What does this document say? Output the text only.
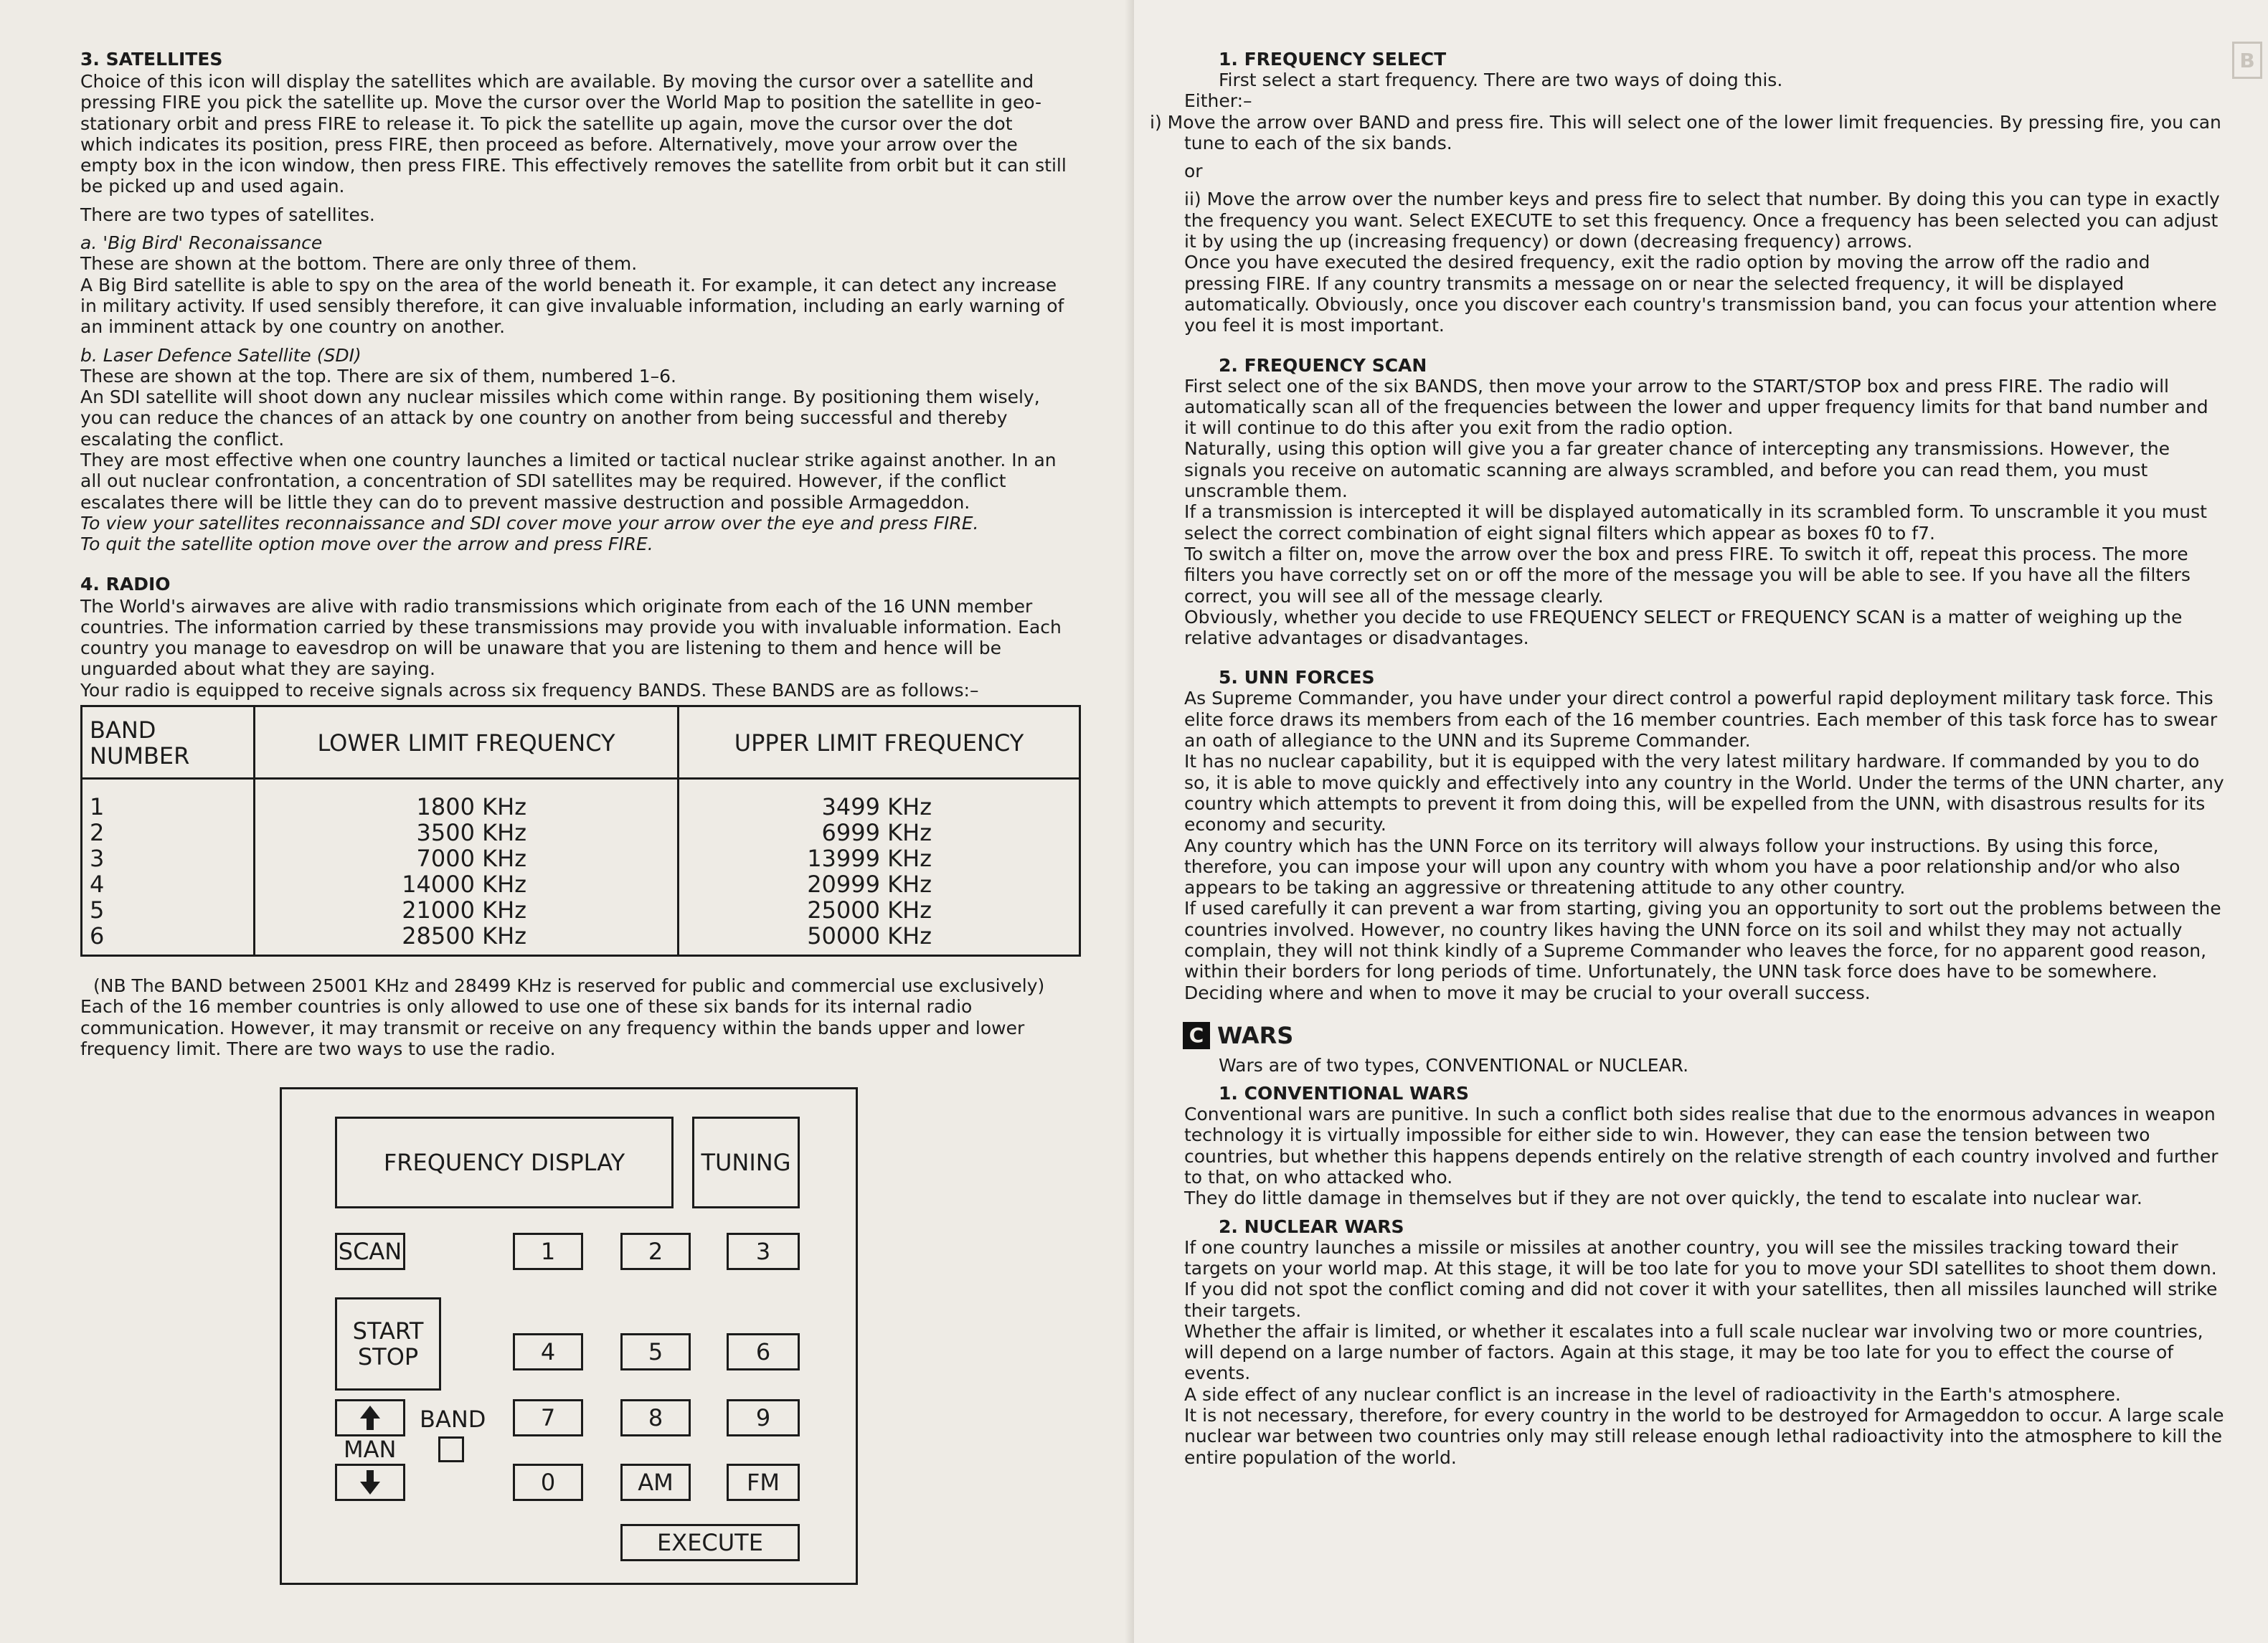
3. SATELLITES

Choice of this icon will display the satellites which are available. By moving the cursor over a satellite and pressing FIRE you pick the satellite up. Move the cursor over the World Map to position the satellite in geo-stationary orbit and press FIRE to release it. To pick the satellite up again, move the cursor over the dot which indicates its position, press FIRE, then proceed as before. Alternatively, move your arrow over the empty box in the icon window, then press FIRE. This effectively removes the satellite from orbit but it can still be picked up and used again.

There are two types of satellites.

a. 'Big Bird' Reconaissance

These are shown at the bottom. There are only three of them.

A Big Bird satellite is able to spy on the area of the world beneath it. For example, it can detect any increase in military activity. If used sensibly therefore, it can give invaluable information, including an early warning of an imminent attack by one country on another.

b. Laser Defence Satellite (SDI)

These are shown at the top. There are six of them, numbered 1–6.

An SDI satellite will shoot down any nuclear missiles which come within range. By positioning them wisely, you can reduce the chances of an attack by one country on another from being successful and thereby escalating the conflict.

They are most effective when one country launches a limited or tactical nuclear strike against another. In an all out nuclear confrontation, a concentration of SDI satellites may be required. However, if the conflict escalates there will be little they can do to prevent massive destruction and possible Armageddon.

To view your satellites reconnaissance and SDI cover move your arrow over the eye and press FIRE.

To quit the satellite option move over the arrow and press FIRE.

4. RADIO

The World's airwaves are alive with radio transmissions which originate from each of the 16 UNN member countries. The information carried by these transmissions may provide you with invaluable information. Each country you manage to eavesdrop on will be unaware that you are listening to them and hence will be unguarded about what they are saying.

Your radio is equipped to receive signals across six frequency BANDS. These BANDS are as follows:–

BAND NUMBER	LOWER LIMIT FREQUENCY	UPPER LIMIT FREQUENCY
1	1800 KHz	3499 KHz
2	3500 KHz	6999 KHz
3	7000 KHz	13999 KHz
4	14000 KHz	20999 KHz
5	21000 KHz	25000 KHz
6	28500 KHz	50000 KHz

(NB The BAND between 25001 KHz and 28499 KHz is reserved for public and commercial use exclusively)

Each of the 16 member countries is only allowed to use one of these six bands for its internal radio communication. However, it may transmit or receive on any frequency within the bands upper and lower frequency limit. There are two ways to use the radio.

FREQUENCY DISPLAY	TUNING
SCAN	1	2	3
START STOP	4	5	6
MAN
BAND	7	8	9
0	AM	FM
EXECUTE
B
1. FREQUENCY SELECT

First select a start frequency. There are two ways of doing this.

Either:–

i) Move the arrow over BAND and press fire. This will select one of the lower limit frequencies. By pressing fire, you can tune to each of the six bands.

or

ii) Move the arrow over the number keys and press fire to select that number. By doing this you can type in exactly the frequency you want. Select EXECUTE to set this frequency. Once a frequency has been selected you can adjust it by using the up (increasing frequency) or down (decreasing frequency) arrows.

Once you have executed the desired frequency, exit the radio option by moving the arrow off the radio and pressing FIRE. If any country transmits a message on or near the selected frequency, it will be displayed automatically. Obviously, once you discover each country's transmission band, you can focus your attention where you feel it is most important.

2. FREQUENCY SCAN

First select one of the six BANDS, then move your arrow to the START/STOP box and press FIRE. The radio will automatically scan all of the frequencies between the lower and upper frequency limits for that band number and it will continue to do this after you exit from the radio option.

Naturally, using this option will give you a far greater chance of intercepting any transmissions. However, the signals you receive on automatic scanning are always scrambled, and before you can read them, you must unscramble them.

If a transmission is intercepted it will be displayed automatically in its scrambled form. To unscramble it you must select the correct combination of eight signal filters which appear as boxes f0 to f7.

To switch a filter on, move the arrow over the box and press FIRE. To switch it off, repeat this process. The more filters you have correctly set on or off the more of the message you will be able to see. If you have all the filters correct, you will see all of the message clearly.

Obviously, whether you decide to use FREQUENCY SELECT or FREQUENCY SCAN is a matter of weighing up the relative advantages or disadvantages.

5. UNN FORCES

As Supreme Commander, you have under your direct control a powerful rapid deployment military task force. This elite force draws its members from each of the 16 member countries. Each member of this task force has to swear an oath of allegiance to the UNN and its Supreme Commander.

It has no nuclear capability, but it is equipped with the very latest military hardware. If commanded by you to do so, it is able to move quickly and effectively into any country in the World. Under the terms of the UNN charter, any country which attempts to prevent it from doing this, will be expelled from the UNN, with disastrous results for its economy and security.

Any country which has the UNN Force on its territory will always follow your instructions. By using this force, therefore, you can impose your will upon any country with whom you have a poor relationship and/or who also appears to be taking an aggressive or threatening attitude to any other country.

If used carefully it can prevent a war from starting, giving you an opportunity to sort out the problems between the countries involved. However, no country likes having the UNN force on its soil and whilst they may not actually complain, they will not think kindly of a Supreme Commander who leaves the force, for no apparent good reason, within their borders for long periods of time. Unfortunately, the UNN task force does have to be somewhere. Deciding where and when to move it may be crucial to your overall success.

C WARS

Wars are of two types, CONVENTIONAL or NUCLEAR.

1. CONVENTIONAL WARS

Conventional wars are punitive. In such a conflict both sides realise that due to the enormous advances in weapon technology it is virtually impossible for either side to win. However, they can ease the tension between two countries, but whether this happens depends entirely on the relative strength of each country involved and further to that, on who attacked who.

They do little damage in themselves but if they are not over quickly, the tend to escalate into nuclear war.

2. NUCLEAR WARS

If one country launches a missile or missiles at another country, you will see the missiles tracking toward their targets on your world map. At this stage, it will be too late for you to move your SDI satellites to shoot them down. If you did not spot the conflict coming and did not cover it with your satellites, then all missiles launched will strike their targets.

Whether the affair is limited, or whether it escalates into a full scale nuclear war involving two or more countries, will depend on a large number of factors. Again at this stage, it may be too late for you to effect the course of events.

A side effect of any nuclear conflict is an increase in the level of radioactivity in the Earth's atmosphere.

It is not necessary, therefore, for every country in the world to be destroyed for Armageddon to occur. A large scale nuclear war between two countries only may still release enough lethal radioactivity into the atmosphere to kill the entire population of the world.
